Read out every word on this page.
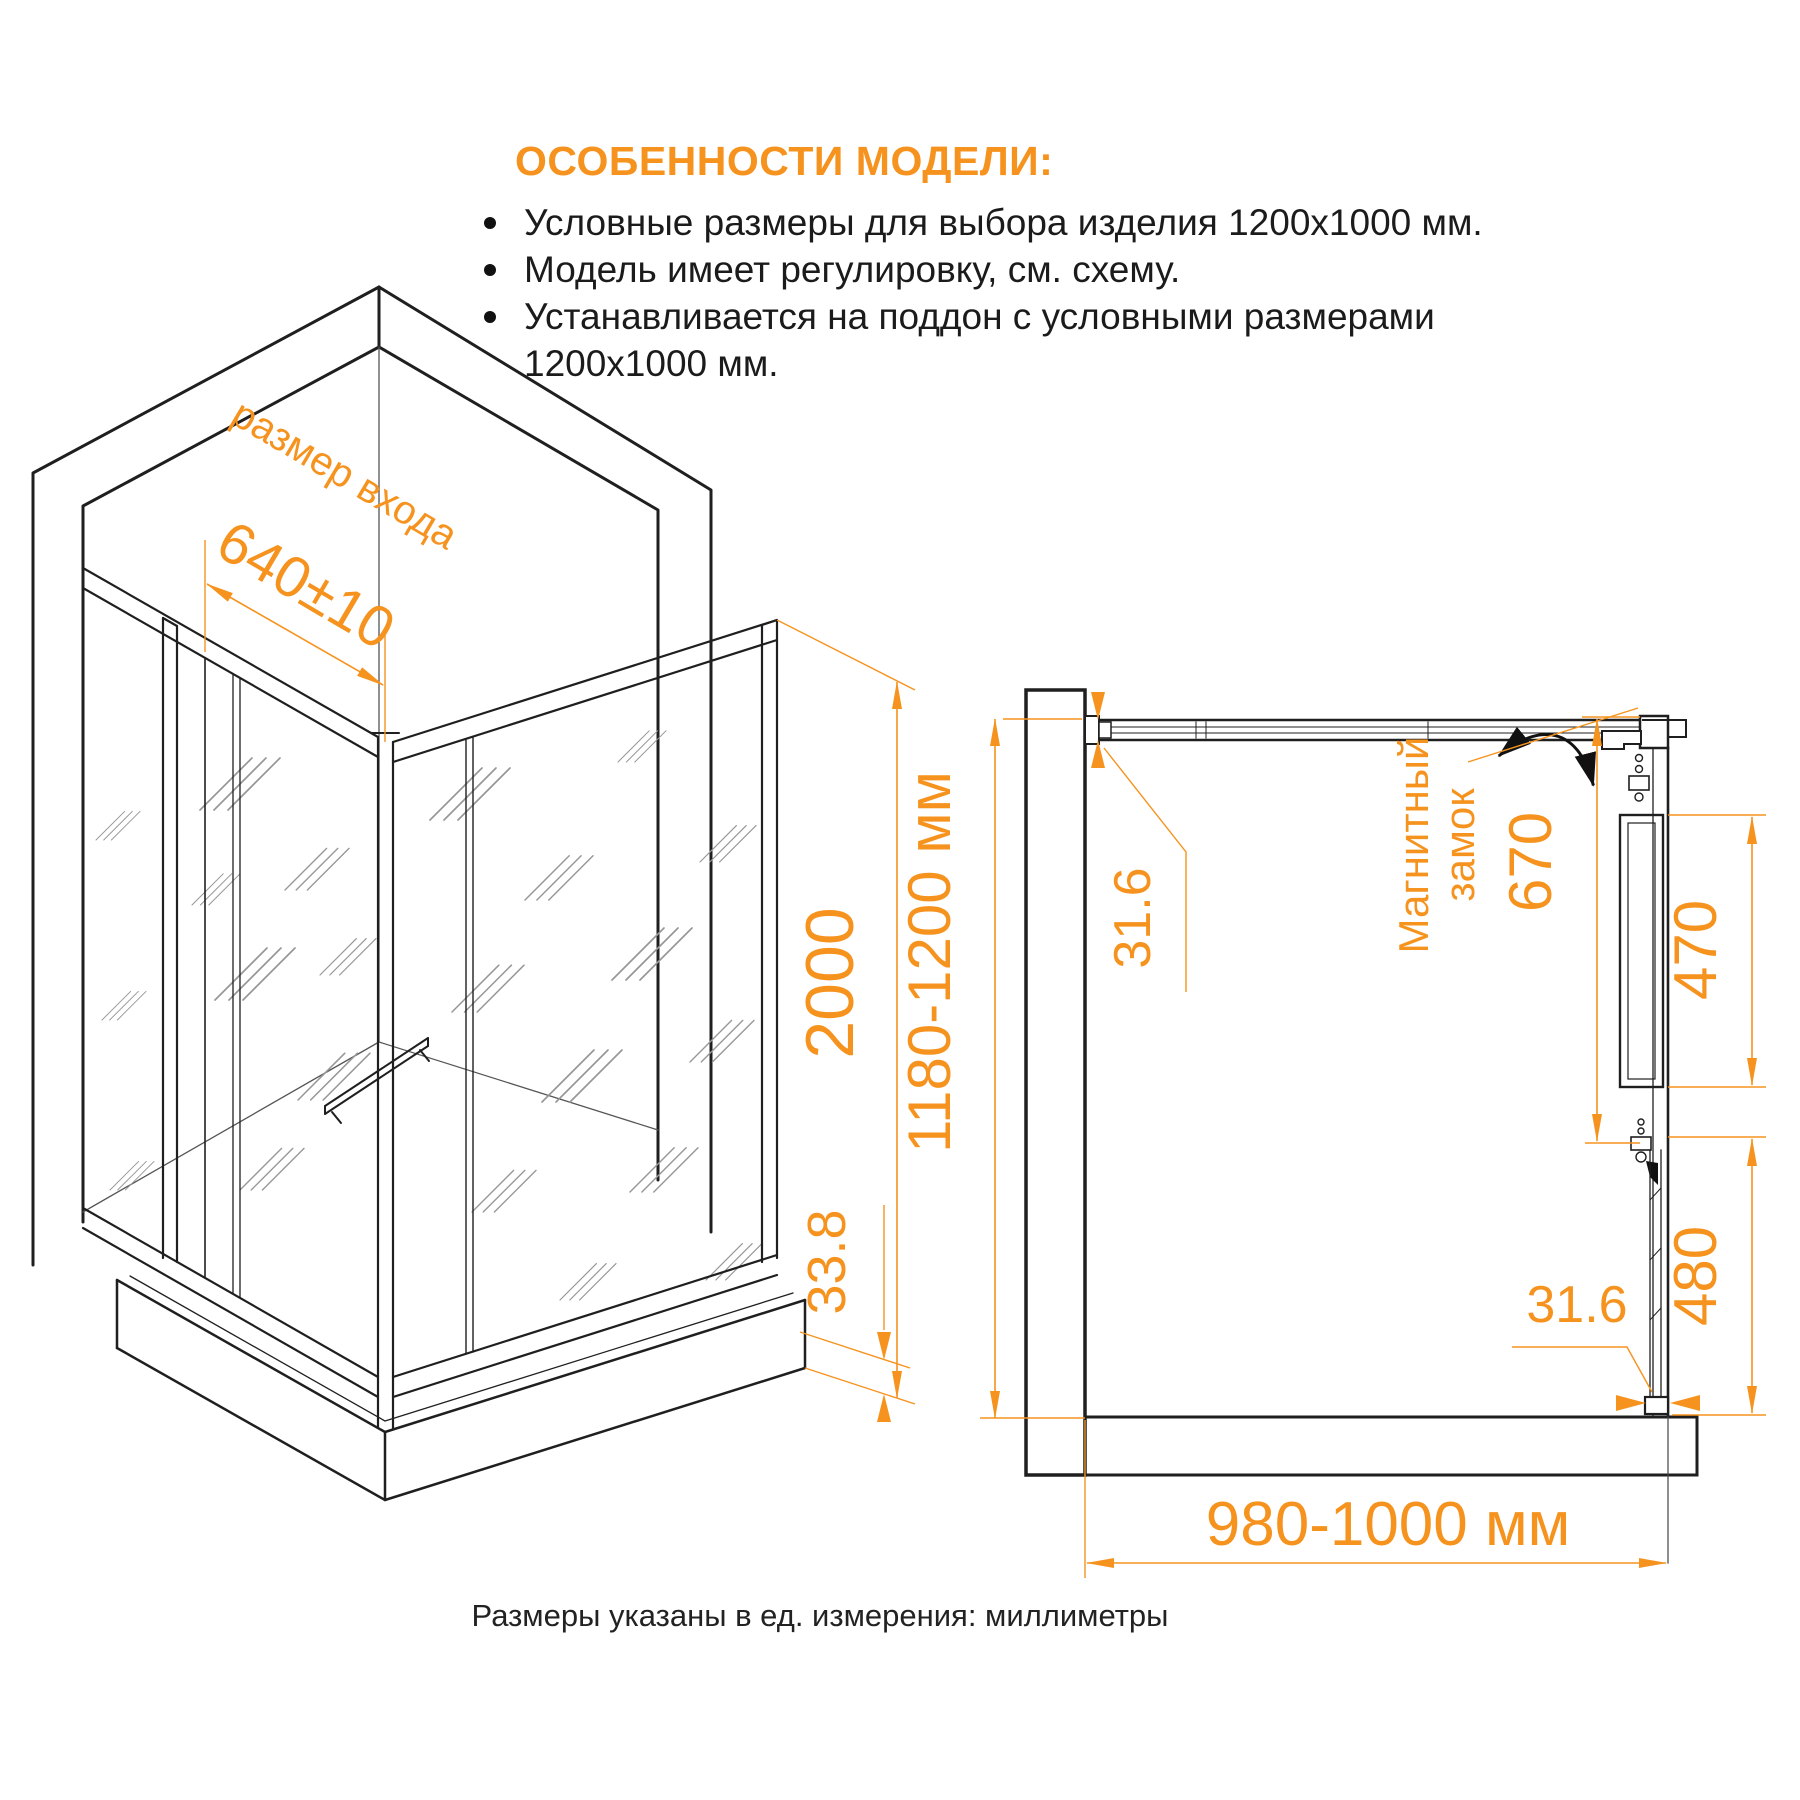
ОСОБЕННОСТИ МОДЕЛИ:
Условные размеры для выбора изделия 1200x1000 мм.
Модель имеет регулировку, см. схему.
Устанавливается на поддон с условными размерами
1200x1000 мм.
размер входа
640±10
2000 1180-1200 мм
33.8
31.6	Магнитный замок 670
470
480
31.6
980-1000 мм
Размеры указаны в ед. измерения: миллиметры
